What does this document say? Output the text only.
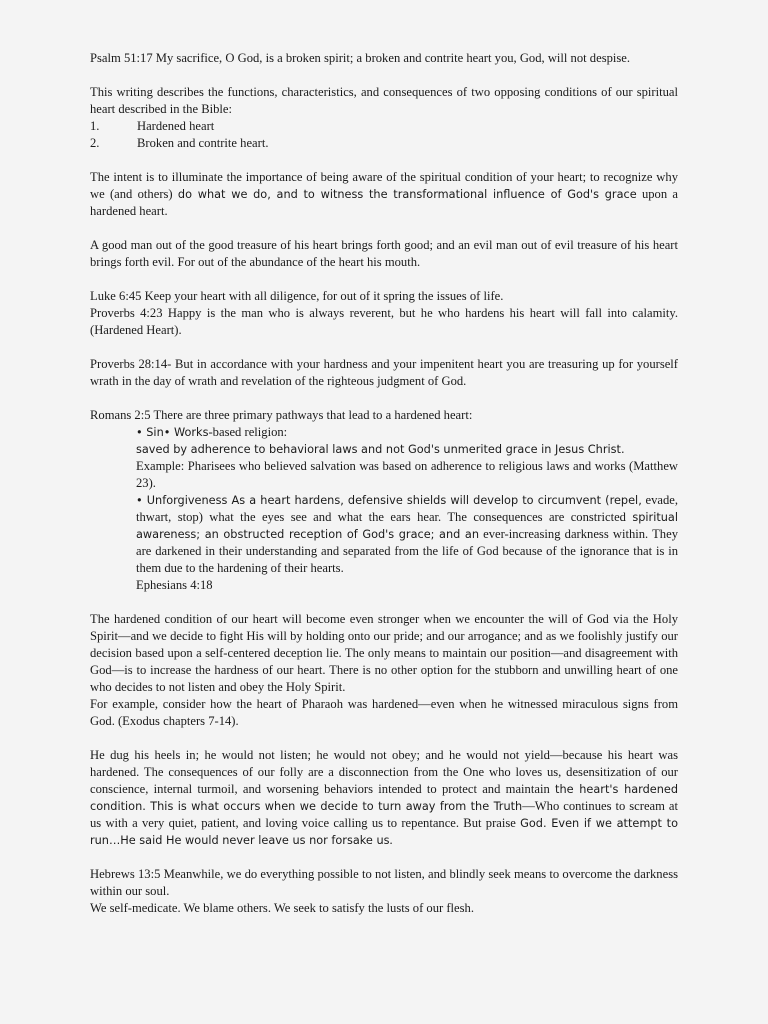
Psalm 51:17 My sacrifice, O God, is a broken spirit; a broken and contrite heart you, God, will not despise.

This writing describes the functions, characteristics, and consequences of two opposing conditions of our spiritual heart described in the Bible:

1.	Hardened heart
2.	Broken and contrite heart.

The intent is to illuminate the importance of being aware of the spiritual condition of your heart; to recognize why we (and others) do what we do, and to witness the transformational influence of God's grace upon a hardened heart.

A good man out of the good treasure of his heart brings forth good; and an evil man out of evil treasure of his heart brings forth evil. For out of the abundance of the heart his mouth.

Luke 6:45 Keep your heart with all diligence, for out of it spring the issues of life.

Proverbs 4:23 Happy is the man who is always reverent, but he who hardens his heart will fall into calamity. (Hardened Heart).

Proverbs 28:14- But in accordance with your hardness and your impenitent heart you are treasuring up for yourself wrath in the day of wrath and revelation of the righteous judgment of God.

Romans 2:5 There are three primary pathways that lead to a hardened heart:

• Sin• Works-based religion:

saved by adherence to behavioral laws and not God's unmerited grace in Jesus Christ.

Example: Pharisees who believed salvation was based on adherence to religious laws and works (Matthew 23).

• Unforgiveness As a heart hardens, defensive shields will develop to circumvent (repel, evade, thwart, stop) what the eyes see and what the ears hear. The consequences are constricted spiritual awareness; an obstructed reception of God's grace; and an ever-increasing darkness within. They are darkened in their understanding and separated from the life of God because of the ignorance that is in them due to the hardening of their hearts.

Ephesians 4:18

The hardened condition of our heart will become even stronger when we encounter the will of God via the Holy Spirit—and we decide to fight His will by holding onto our pride; and our arrogance; and as we foolishly justify our decision based upon a self-centered deception lie. The only means to maintain our position—and disagreement with God—is to increase the hardness of our heart. There is no other option for the stubborn and unwilling heart of one who decides to not listen and obey the Holy Spirit.

For example, consider how the heart of Pharaoh was hardened—even when he witnessed miraculous signs from God. (Exodus chapters 7-14).

He dug his heels in; he would not listen; he would not obey; and he would not yield—because his heart was hardened. The consequences of our folly are a disconnection from the One who loves us, desensitization of our conscience, internal turmoil, and worsening behaviors intended to protect and maintain the heart's hardened condition. This is what occurs when we decide to turn away from the Truth—Who continues to scream at us with a very quiet, patient, and loving voice calling us to repentance. But praise God. Even if we attempt to run…He said He would never leave us nor forsake us.

Hebrews 13:5 Meanwhile, we do everything possible to not listen, and blindly seek means to overcome the darkness within our soul.

We self-medicate. We blame others. We seek to satisfy the lusts of our flesh.
